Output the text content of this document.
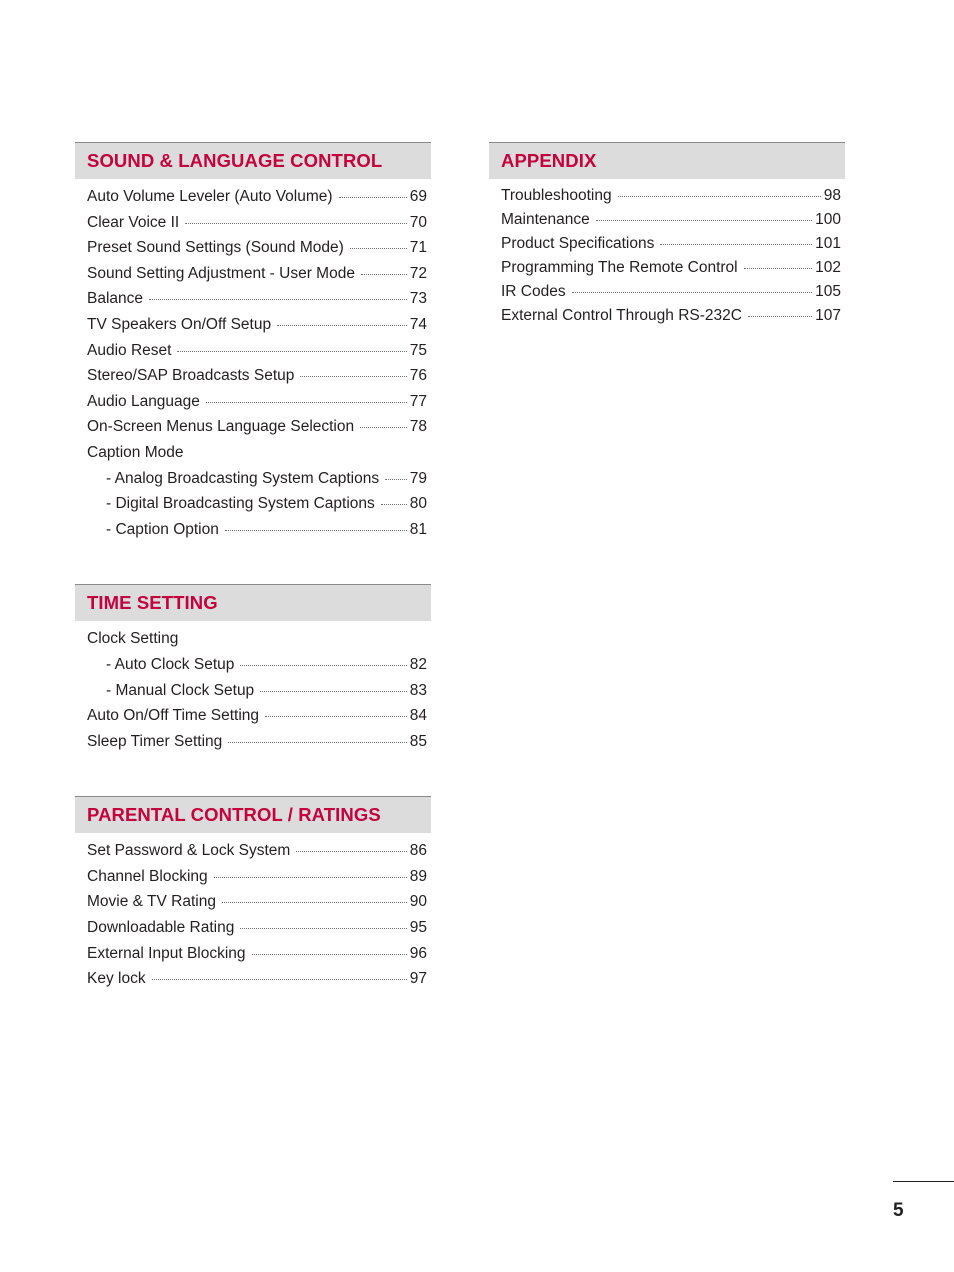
SOUND & LANGUAGE CONTROL
Auto Volume Leveler (Auto Volume)	69
Clear Voice II	70
Preset Sound Settings (Sound Mode)	71
Sound Setting Adjustment - User Mode	72
Balance	73
TV Speakers On/Off Setup	74
Audio Reset	75
Stereo/SAP Broadcasts Setup	76
Audio Language	77
On-Screen Menus Language Selection	78
Caption Mode
- Analog Broadcasting System Captions 79
- Digital Broadcasting System Captions 80
- Caption Option	81
TIME SETTING
Clock Setting
- Auto Clock Setup	82
- Manual Clock Setup	83
Auto On/Off Time Setting	84
Sleep Timer Setting	85
PARENTAL CONTROL / RATINGS
Set Password & Lock System	86
Channel Blocking	89
Movie & TV Rating	90
Downloadable Rating	95
External Input Blocking	96
Key lock	97
APPENDIX
Troubleshooting	98
Maintenance	100
Product Specifications	101
Programming The Remote Control	102
IR Codes	105
External Control Through RS-232C	107
5
